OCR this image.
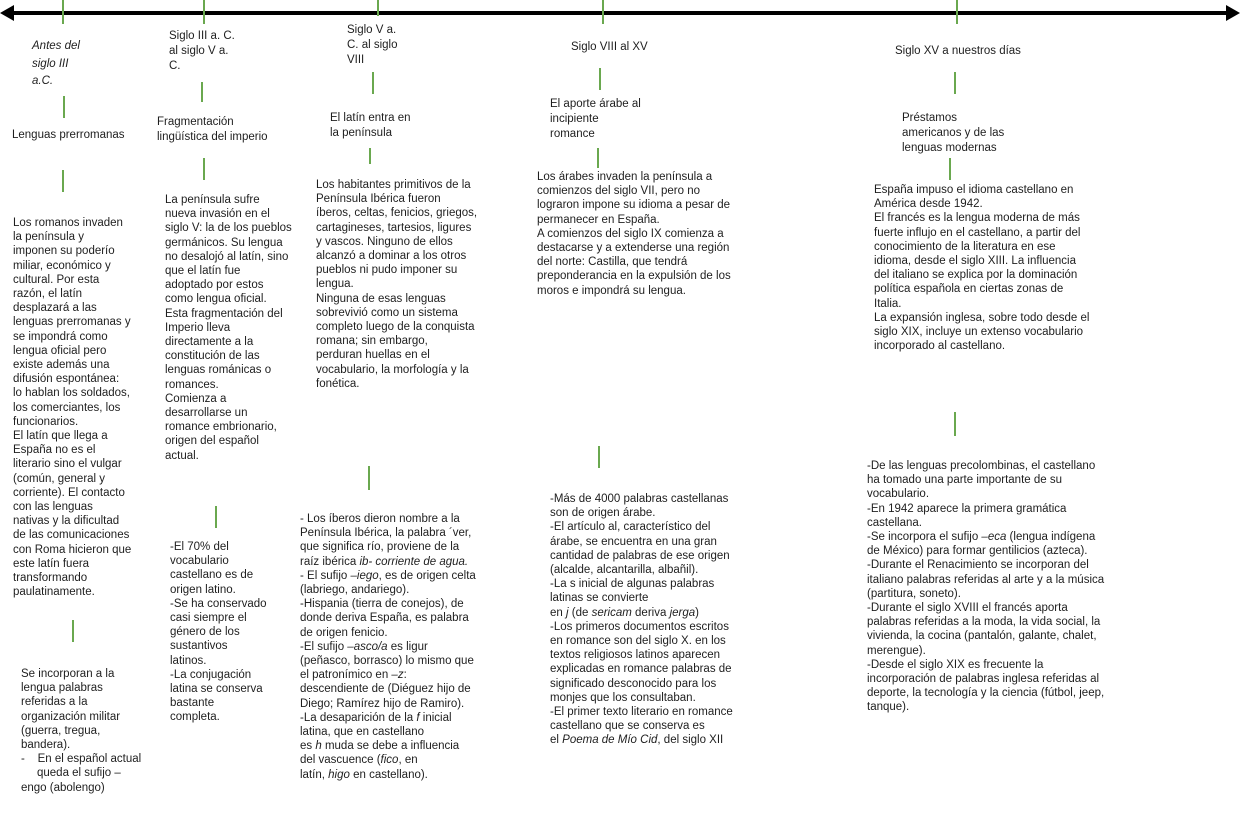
Antes del
siglo III
a.C.
Lenguas prerromanas
Los romanos invaden
la península y
imponen su poderío
miliar, económico y
cultural. Por esta
razón, el latín
desplazará a las
lenguas prerromanas y
se impondrá como
lengua oficial pero
existe además una
difusión espontánea:
lo hablan los soldados,
los comerciantes, los
funcionarios.
El latín que llega a
España no es el
literario sino el vulgar
(común, general y
corriente). El contacto
con las lenguas
nativas y la dificultad
de las comunicaciones
con Roma hicieron que
este latín fuera
transformando
paulatinamente.
Se incorporan a la
lengua palabras
referidas a la
organización militar
(guerra, tregua,
bandera).
-    En el español actual
queda el sufijo –
engo (abolengo)
Siglo III a. C.
al siglo V a.
C.
Fragmentación
lingüística del imperio
La península sufre
nueva invasión en el
siglo V: la de los pueblos
germánicos. Su lengua
no desalojó al latín, sino
que el latín fue
adoptado por estos
como lengua oficial.
Esta fragmentación del
Imperio lleva
directamente a la
constitución de las
lenguas románicas o
romances.
Comienza a
desarrollarse un
romance embrionario,
origen del español
actual.
-El 70% del
vocabulario
castellano es de
origen latino.
-Se ha conservado
casi siempre el
género de los
sustantivos
latinos.
-La conjugación
latina se conserva
bastante
completa.
Siglo V a.
C. al siglo
VIII
El latín entra en
la península
Los habitantes primitivos de la
Península Ibérica fueron
íberos, celtas, fenicios, griegos,
cartagineses, tartesios, ligures
y vascos. Ninguno de ellos
alcanzó a dominar a los otros
pueblos ni pudo imponer su
lengua.
Ninguna de esas lenguas
sobrevivió como un sistema
completo luego de la conquista
romana; sin embargo,
perduran huellas en el
vocabulario, la morfología y la
fonética.
- Los íberos dieron nombre a la
Península Ibérica, la palabra ´ver,
que significa río, proviene de la
raíz ibérica ib- corriente de agua.
- El sufijo –iego, es de origen celta
(labriego, andariego).
-Hispania (tierra de conejos), de
donde deriva España, es palabra
de origen fenicio.
-El sufijo –asco/a es ligur
(peñasco, borrasco) lo mismo que
el patronímico en –z:
descendiente de (Diéguez hijo de
Diego; Ramírez hijo de Ramiro).
-La desaparición de la f inicial
latina, que en castellano
es h muda se debe a influencia
del vascuence (fico, en
latín, higo en castellano).
Siglo VIII al XV
El aporte árabe al
incipiente
romance
Los árabes invaden la península a
comienzos del siglo VII, pero no
lograron impone su idioma a pesar de
permanecer en España.
A comienzos del siglo IX comienza a
destacarse y a extenderse una región
del norte: Castilla, que tendrá
preponderancia en la expulsión de los
moros e impondrá su lengua.
-Más de 4000 palabras castellanas
son de origen árabe.
-El artículo al, característico del
árabe, se encuentra en una gran
cantidad de palabras de ese origen
(alcalde, alcantarilla, albañil).
-La s inicial de algunas palabras
latinas se convierte
en j (de sericam deriva jerga)
-Los primeros documentos escritos
en romance son del siglo X. en los
textos religiosos latinos aparecen
explicadas en romance palabras de
significado desconocido para los
monjes que los consultaban.
-El primer texto literario en romance
castellano que se conserva es
el Poema de Mío Cid, del siglo XII
Siglo XV a nuestros días
Préstamos
americanos y de las
lenguas modernas
España impuso el idioma castellano en
América desde 1942.
El francés es la lengua moderna de más
fuerte influjo en el castellano, a partir del
conocimiento de la literatura en ese
idioma, desde el siglo XIII. La influencia
del italiano se explica por la dominación
política española en ciertas zonas de
Italia.
La expansión inglesa, sobre todo desde el
siglo XIX, incluye un extenso vocabulario
incorporado al castellano.
-De las lenguas precolombinas, el castellano
ha tomado una parte importante de su
vocabulario.
-En 1942 aparece la primera gramática
castellana.
-Se incorpora el sufijo –eca (lengua indígena
de México) para formar gentilicios (azteca).
-Durante el Renacimiento se incorporan del
italiano palabras referidas al arte y a la música
(partitura, soneto).
-Durante el siglo XVIII el francés aporta
palabras referidas a la moda, la vida social, la
vivienda, la cocina (pantalón, galante, chalet,
merengue).
-Desde el siglo XIX es frecuente la
incorporación de palabras inglesa referidas al
deporte, la tecnología y la ciencia (fútbol, jeep,
tanque).
